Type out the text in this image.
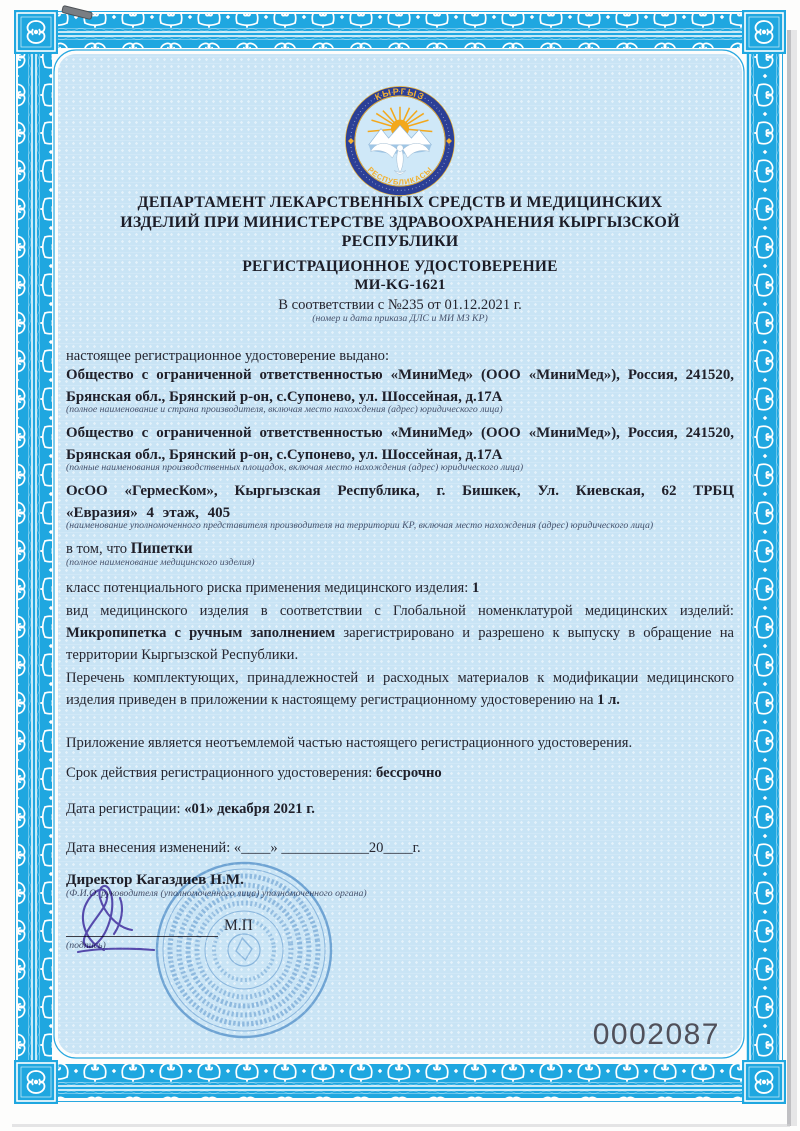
КЫРГЫЗ
РЕСПУБЛИКАСЫ
ДЕПАРТАМЕНТ ЛЕКАРСТВЕННЫХ СРЕДСТВ И МЕДИЦИНСКИХ ИЗДЕЛИЙ ПРИ МИНИСТЕРСТВЕ ЗДРАВООХРАНЕНИЯ КЫРГЫЗСКОЙ РЕСПУБЛИКИ
РЕГИСТРАЦИОННОЕ УДОСТОВЕРЕНИЕ
МИ-KG-1621
В соответствии с №235 от 01.12.2021 г.
(номер и дата приказа ДЛС и МИ МЗ КР)
настоящее регистрационное удостоверение выдано:
Общество с ограниченной ответственностью «МиниМед» (ООО «МиниМед»), Россия, 241520, Брянская обл., Брянский р-он, с.Супонево, ул. Шоссейная, д.17А
(полное наименование и страна производителя, включая место нахождения (адрес) юридического лица)
Общество с ограниченной ответственностью «МиниМед» (ООО «МиниМед»), Россия, 241520, Брянская обл., Брянский р-он, с.Супонево, ул. Шоссейная, д.17А
(полные наименования производственных площадок, включая место нахождения (адрес) юридического лица)
ОсОО «ГермесКом», Кыргызская Республика, г. Бишкек, Ул. Киевская, 62 ТРБЦ «Евразия» 4 этаж, 405
(наименование уполномоченного представителя производителя на территории КР, включая место нахождения (адрес) юридического лица)
в том, что Пипетки
(полное наименование медицинского изделия)
класс потенциального риска применения медицинского изделия: 1
вид медицинского изделия в соответствии с Глобальной номенклатурой медицинских изделий: Микропипетка с ручным заполнением зарегистрировано и разрешено к выпуску в обращение на территории Кыргызской Республики.
Перечень комплектующих, принадлежностей и расходных материалов к модификации медицинского изделия приведен в приложении к настоящему регистрационному удостоверению на 1 л.
Приложение является неотъемлемой частью настоящего регистрационного удостоверения.
Срок действия регистрационного удостоверения: бессрочно
Дата регистрации: «01» декабря 2021 г.
Дата внесения изменений: «____» ____________20____г.
Директор Кагаздиев Н.М.
(Ф.И.О. руководителя (уполномоченного лица) уполномоченного органа)
(подпись)
М.П
0002087
